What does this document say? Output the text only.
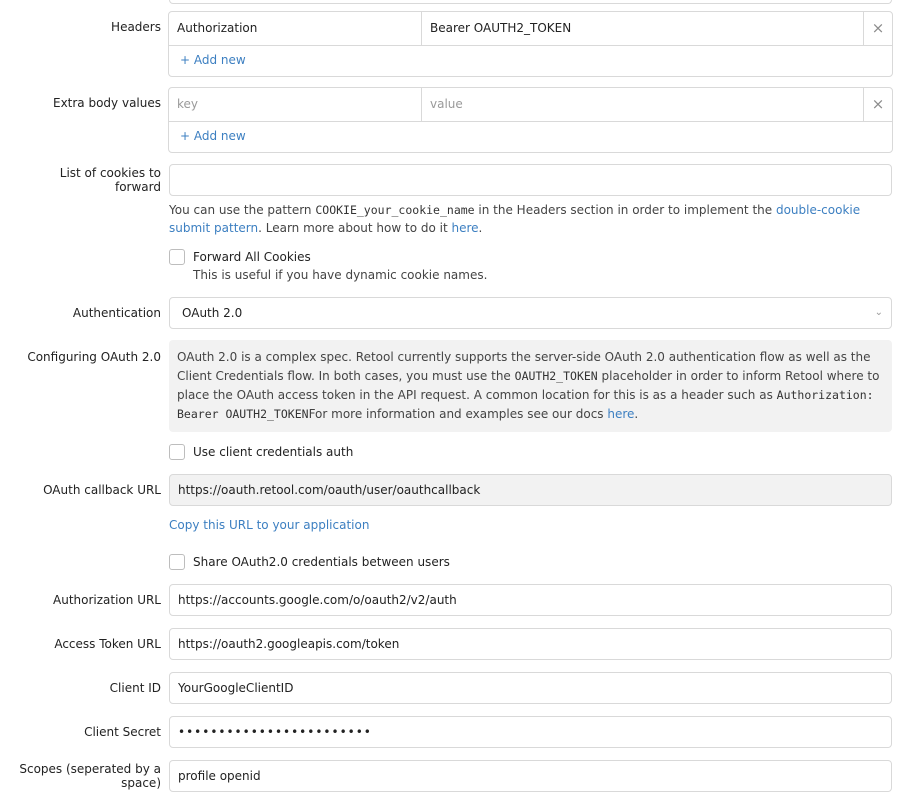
Headers	Authorization	Bearer OAUTH2_TOKEN	×
+ Add new
Extra body values	key	value	×
+ Add new
List of cookies to
forward
You can use the pattern COOKIE_your_cookie_name in the Headers section in order to implement the double-cookie submit pattern. Learn more about how to do it here.
Forward All Cookies
This is useful if you have dynamic cookie names.
Authentication	OAuth 2.0	⌄
Configuring OAuth 2.0	OAuth 2.0 is a complex spec. Retool currently supports the server-side OAuth 2.0 authentication flow as well as the Client Credentials flow. In both cases, you must use the OAUTH2_TOKEN placeholder in order to inform Retool where to place the OAuth access token in the API request. A common location for this is as a header such as Authorization: Bearer OAUTH2_TOKENFor more information and examples see our docs here.
Use client credentials auth
OAuth callback URL	https://oauth.retool.com/oauth/user/oauthcallback
Copy this URL to your application
Share OAuth2.0 credentials between users
Authorization URL	https://accounts.google.com/o/oauth2/v2/auth
Access Token URL	https://oauth2.googleapis.com/token
Client ID	YourGoogleClientID
Client Secret	••••••••••••••••••••••••
Scopes (seperated by a
space)	profile openid
